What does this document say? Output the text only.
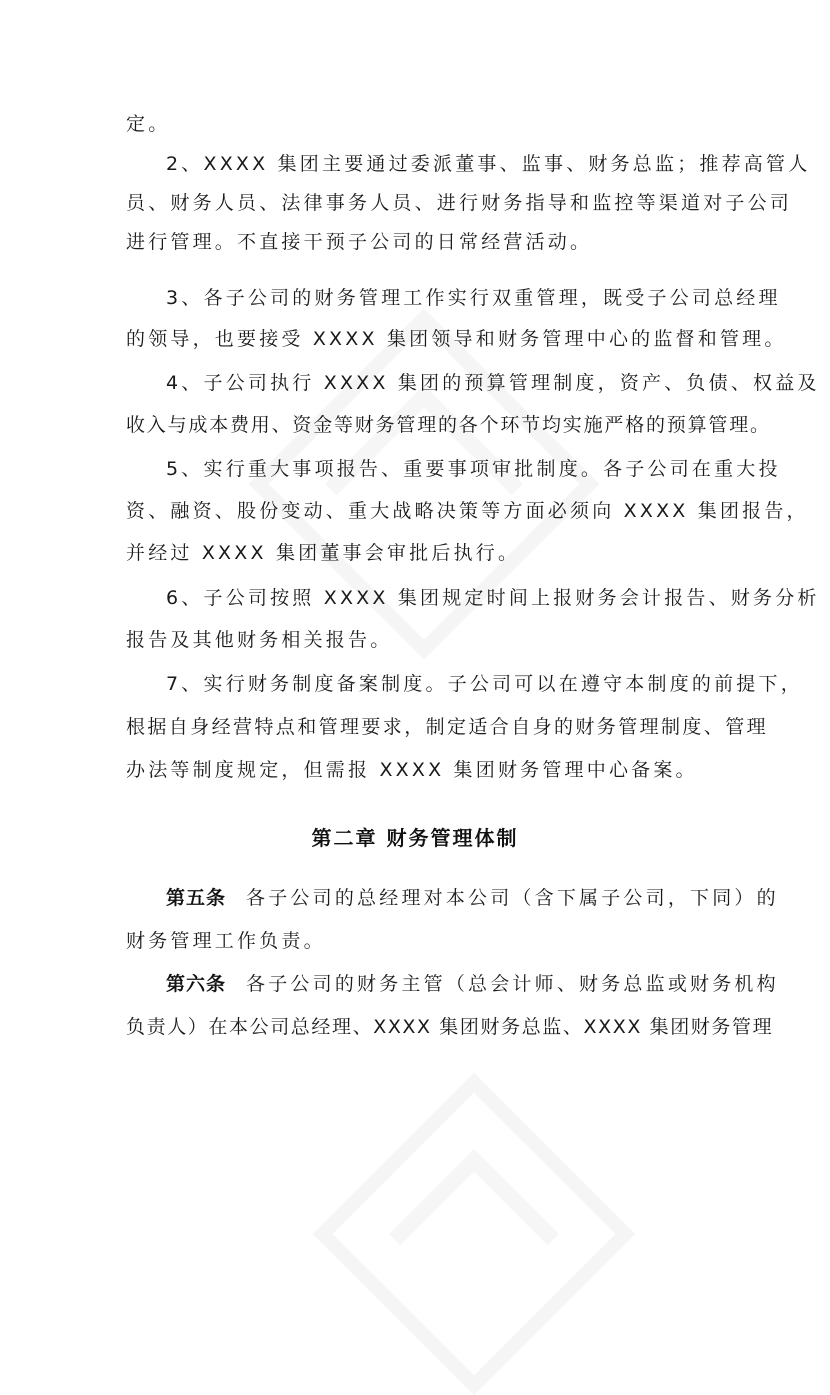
定。
2、XXXX 集团主要通过委派董事、监事、财务总监；推荐高管人
员、财务人员、法律事务人员、进行财务指导和监控等渠道对子公司
进行管理。不直接干预子公司的日常经营活动。
3、各子公司的财务管理工作实行双重管理，既受子公司总经理
的领导，也要接受 XXXX 集团领导和财务管理中心的监督和管理。
4、子公司执行 XXXX 集团的预算管理制度，资产、负债、权益及
收入与成本费用、资金等财务管理的各个环节均实施严格的预算管理。
5、实行重大事项报告、重要事项审批制度。各子公司在重大投
资、融资、股份变动、重大战略决策等方面必须向 XXXX 集团报告，
并经过 XXXX 集团董事会审批后执行。
6、子公司按照 XXXX 集团规定时间上报财务会计报告、财务分析
报告及其他财务相关报告。
7、实行财务制度备案制度。子公司可以在遵守本制度的前提下，
根据自身经营特点和管理要求，制定适合自身的财务管理制度、管理
办法等制度规定，但需报 XXXX 集团财务管理中心备案。
第二章 财务管理体制
第五条 各子公司的总经理对本公司（含下属子公司，下同）的
财务管理工作负责。
第六条 各子公司的财务主管（总会计师、财务总监或财务机构
负责人）在本公司总经理、XXXX 集团财务总监、XXXX 集团财务管理
